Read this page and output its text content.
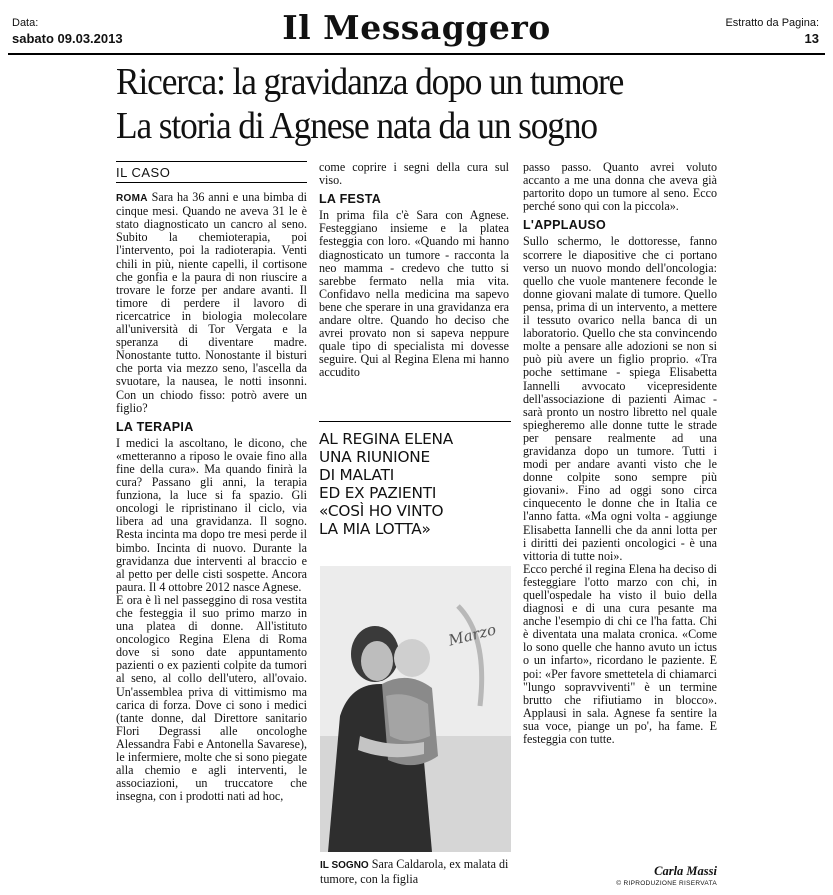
Data:
sabato 09.03.2013	Il Messaggero	Estratto da Pagina:
13
Ricerca: la gravidanza dopo un tumore
La storia di Agnese nata da un sogno
IL CASO

ROMA Sara ha 36 anni e una bimba di cinque mesi. Quando ne aveva 31 le è stato diagnosticato un cancro al seno. Subito la chemioterapia, poi l'intervento, poi la radioterapia. Venti chili in più, niente capelli, il cortisone che gonfia e la paura di non riuscire a trovare le forze per andare avanti. Il timore di perdere il lavoro di ricercatrice in biologia molecolare all'università di Tor Vergata e la speranza di diventare madre. Nonostante tutto. Nonostante il bisturi che porta via mezzo seno, l'ascella da svuotare, la nausea, le notti insonni. Con un chiodo fisso: potrò avere un figlio?

LA TERAPIA

I medici la ascoltano, le dicono, che «metteranno a riposo le ovaie fino alla fine della cura». Ma quando finirà la cura? Passano gli anni, la terapia funziona, la luce si fa spazio. Gli oncologi le ripristinano il ciclo, via libera ad una gravidanza. Il sogno. Resta incinta ma dopo tre mesi perde il bimbo. Incinta di nuovo. Durante la gravidanza due interventi al braccio e al petto per delle cisti sospette. Ancora paura. Il 4 ottobre 2012 nasce Agnese.

E ora è lì nel passeggino di rosa vestita che festeggia il suo primo marzo in una platea di donne. All'istituto oncologico Regina Elena di Roma dove si sono date appuntamento pazienti o ex pazienti colpite da tumori al seno, al collo dell'utero, all'ovaio. Un'assemblea priva di vittimismo ma carica di forza. Dove ci sono i medici (tante donne, dal Direttore sanitario Flori Degrassi alle oncologhe Alessandra Fabi e Antonella Savarese), le infermiere, molte che si sono piegate alla chemio e agli interventi, le associazioni, un truccatore che insegna, con i prodotti nati ad hoc,

come coprire i segni della cura sul viso.

LA FESTA

In prima fila c'è Sara con Agnese. Festeggiano insieme e la platea festeggia con loro. «Quando mi hanno diagnosticato un tumore - racconta la neo mamma - credevo che tutto si sarebbe fermato nella mia vita. Confidavo nella medicina ma sapevo bene che sperare in una gravidanza era andare oltre. Quando ho deciso che avrei provato non si sapeva neppure quale tipo di specialista mi dovesse seguire. Qui al Regina Elena mi hanno accudito

AL REGINA ELENA
UNA RIUNIONE
DI MALATI
ED EX PAZIENTI
«COSÌ HO VINTO
LA MIA LOTTA»
Marzo
IL SOGNO Sara Caldarola, ex malata di tumore, con la figlia

passo passo. Quanto avrei voluto accanto a me una donna che aveva già partorito dopo un tumore al seno. Ecco perché sono qui con la piccola».

L'APPLAUSO

Sullo schermo, le dottoresse, fanno scorrere le diapositive che ci portano verso un nuovo mondo dell'oncologia: quello che vuole mantenere feconde le donne giovani malate di tumore. Quello pensa, prima di un intervento, a mettere il tessuto ovarico nella banca di un laboratorio. Quello che sta convincendo molte a pensare alle adozioni se non si può più avere un figlio proprio. «Tra poche settimane - spiega Elisabetta Iannelli avvocato vicepresidente dell'associazione di pazienti Aimac - sarà pronto un nostro libretto nel quale spiegheremo alle donne tutte le strade per pensare realmente ad una gravidanza dopo un tumore. Tutti i modi per andare avanti visto che le donne colpite sono sempre più giovani». Fino ad oggi sono circa cinquecento le donne che in Italia ce l'anno fatta. «Ma ogni volta - aggiunge Elisabetta Iannelli che da anni lotta per i diritti dei pazienti oncologici - è una vittoria di tutte noi».

Ecco perché il regina Elena ha deciso di festeggiare l'otto marzo con chi, in quell'ospedale ha visto il buio della diagnosi e di una cura pesante ma anche l'esempio di chi ce l'ha fatta. Chi è diventata una malata cronica. «Come lo sono quelle che hanno avuto un ictus o un infarto», ricordano le paziente. E poi: «Per favore smettetela di chiamarci "lungo sopravviventi" è un termine brutto che rifiutiamo in blocco». Applausi in sala. Agnese fa sentire la sua voce, piange un po', ha fame. E festeggia con tutte.

Carla Massi
© RIPRODUZIONE RISERVATA
